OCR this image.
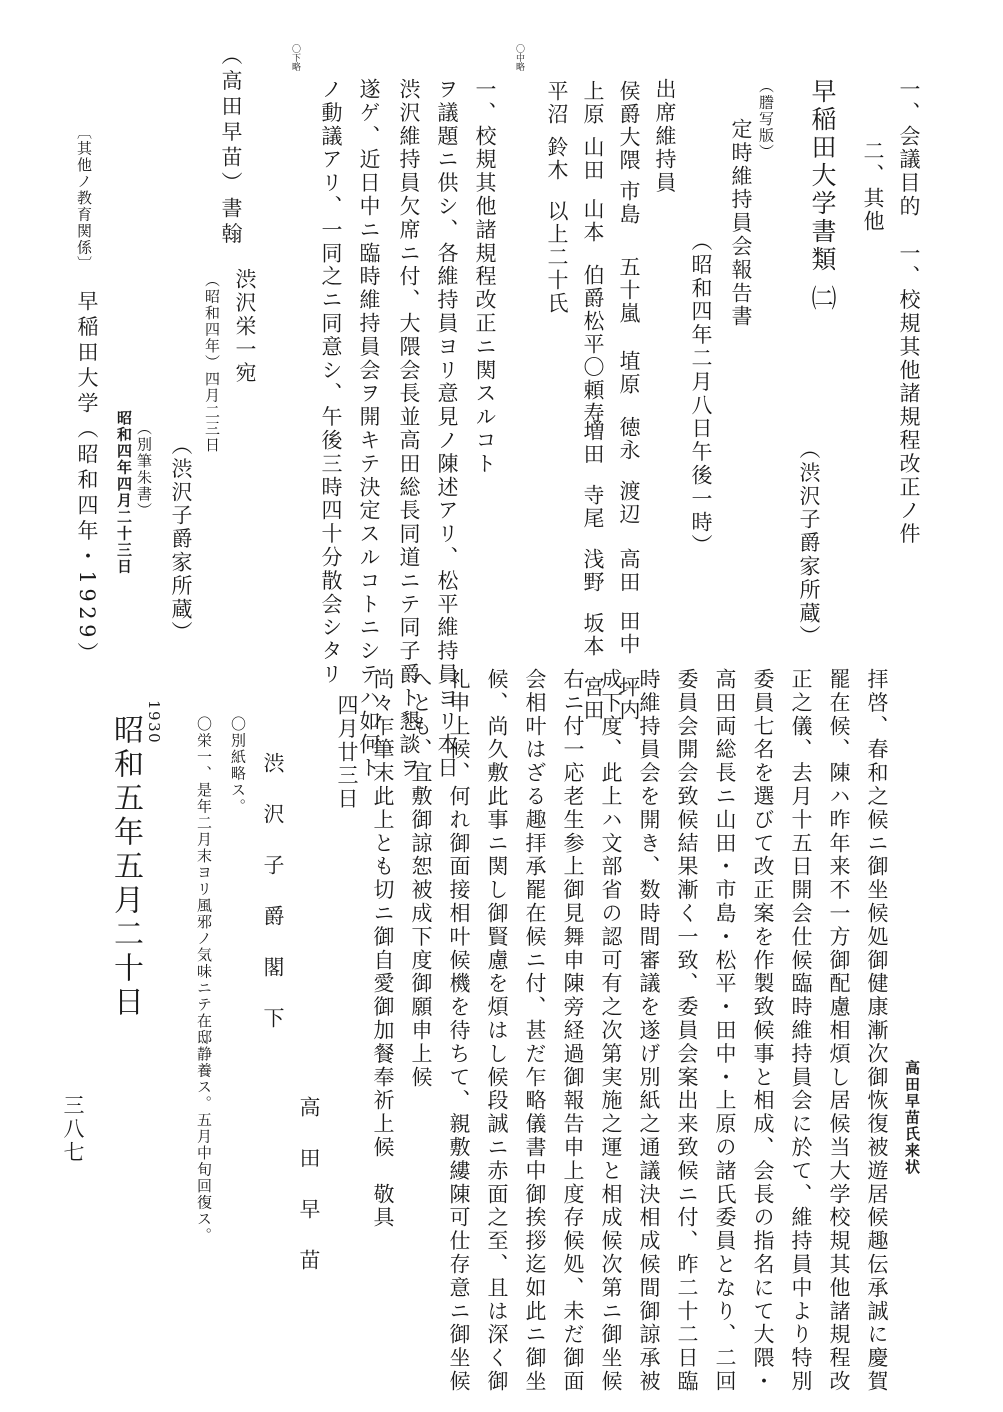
一、会議目的　一、校規其他諸規程改正ノ件
二、其他
（渋沢子爵家所蔵）
早稲田大学書類 ㈡
（謄写版）
定時維持員会報告書
（昭和四年二月八日午後一時）
出席維持員
侯爵大隈
市島
五十嵐
埴原
徳永
渡辺
高田
田中
坪内
上原
山田
山本
伯爵松平〇頼寿
増田
寺尾
浅野
坂本
宮田
平沼
鈴木
以上二十氏
〇中略
一、校規其他諸規程改正ニ関スルコト
ヲ議題ニ供シ、各維持員ヨリ意見ノ陳述アリ、松平維持員ヨリ本日
渋沢維持員欠席ニ付、大隈会長並高田総長同道ニテ同子爵ト懇談ヲ
遂ゲ、近日中ニ臨時維持員会ヲ開キテ決定スルコトニシテハ如何ト
ノ動議アリ、一同之ニ同意シ、午後三時四十分散会シタリ
〇下略
（高田早苗）書翰
渋沢栄一宛
（昭和四年）四月二三日
（渋沢子爵家所蔵）
（別筆朱書）
昭和四年四月二十三日
〔其他ノ教育関係〕
早稲田大学（昭和四年・1929）
高田早苗氏来状
拝啓、春和之候ニ御坐候処御健康漸次御恢復被遊居候趣伝承誠に慶賀
罷在候、陳ハ昨年来不一方御配慮相煩し居候当大学校規其他諸規程改
正之儀、去月十五日開会仕候臨時維持員会に於て、維持員中より特別
委員七名を選びて改正案を作製致候事と相成、会長の指名にて大隈・
高田両総長ニ山田・市島・松平・田中・上原の諸氏委員となり、二回
委員会開会致候結果漸く一致、委員会案出来致候ニ付、昨二十二日臨
時維持員会を開き、数時間審議を遂げ別紙之通議決相成候間御諒承被
成下度、此上ハ文部省の認可有之次第実施之運と相成候次第ニ御坐候
右ニ付一応老生参上御見舞申陳旁経過御報告申上度存候処、未だ御面
会相叶はざる趣拝承罷在候ニ付、甚だ乍略儀書中御挨拶迄如此ニ御坐
候、尚久敷此事ニ関し御賢慮を煩はし候段誠ニ赤面之至、且は深く御
礼申上候、何れ御面接相叶候機を待ちて、親敷縷陳可仕存意ニ御坐候
へとも、宜敷御諒恕被成下度御願申上候
尚々乍筆末此上とも切ニ御自愛御加餐奉祈上候　敬具
四月廿三日
高　田　早　苗
渋　沢　子　爵　閣　下
〇別紙略ス。
〇栄一、是年二月末ヨリ風邪ノ気味ニテ在邸静養ス。五月中旬回復ス。
1930
昭和五年五月二十日
三八七
